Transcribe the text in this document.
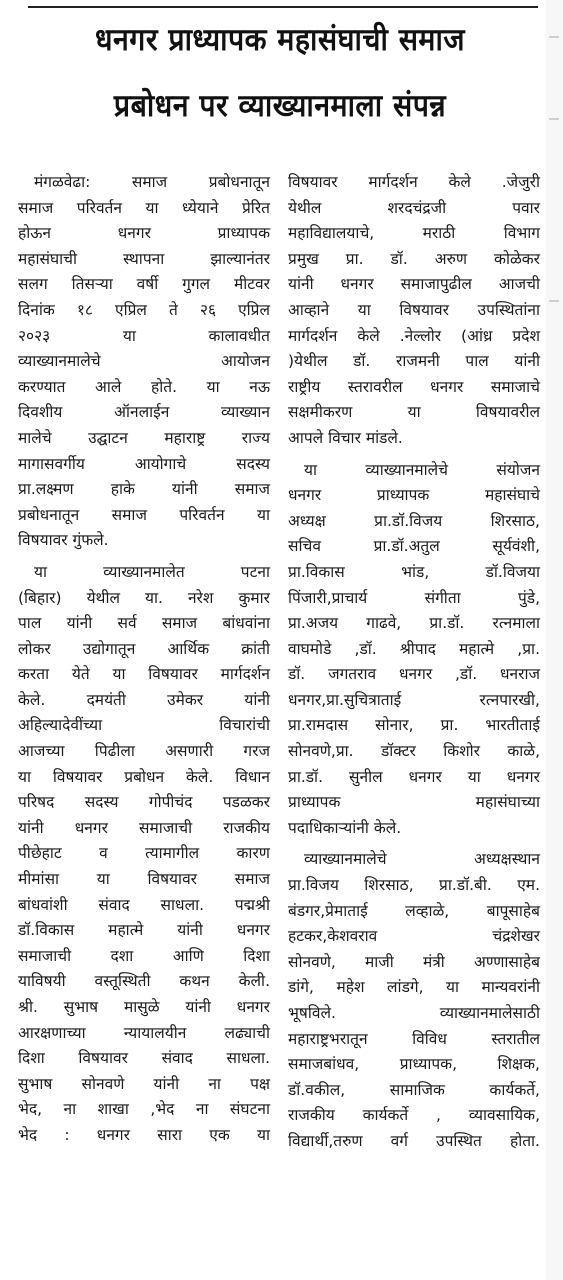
धनगर प्राध्यापक महासंघाची समाज
प्रबोधन पर व्याख्यानमाला संपन्न
मंगळवेढा: समाज प्रबोधनातून
समाज परिवर्तन या ध्येयाने प्रेरित
होऊन धनगर प्राध्यापक
महासंघाची स्थापना झाल्यानंतर
सलग तिसऱ्या वर्षी गुगल मीटवर
दिनांक १८ एप्रिल ते २६ एप्रिल
२०२३ या कालावधीत
व्याख्यानमालेचे आयोजन
करण्यात आले होते. या नऊ
दिवशीय ऑनलाईन व्याख्यान
मालेचे उद्घाटन महाराष्ट्र राज्य
मागासवर्गीय आयोगाचे सदस्य
प्रा.लक्ष्मण हाके यांनी समाज
प्रबोधनातून समाज परिवर्तन या
विषयावर गुंफले.
या व्याख्यानमालेत पटना
(बिहार) येथील या. नरेश कुमार
पाल यांनी सर्व समाज बांधवांना
लोकर उद्योगातून आर्थिक क्रांती
करता येते या विषयावर मार्गदर्शन
केले. दमयंती उमेकर यांनी
अहिल्यादेवींच्या विचारांची
आजच्या पिढीला असणारी गरज
या विषयावर प्रबोधन केले. विधान
परिषद सदस्य गोपीचंद पडळकर
यांनी धनगर समाजाची राजकीय
पीछेहाट व त्यामागील कारण
मीमांसा या विषयावर समाज
बांधवांशी संवाद साधला. पद्मश्री
डॉ.विकास महात्मे यांनी धनगर
समाजाची दशा आणि दिशा
याविषयी वस्तूस्थिती कथन केली.
श्री. सुभाष मासुळे यांनी धनगर
आरक्षणाच्या न्यायालयीन लढ्याची
दिशा विषयावर संवाद साधला.
सुभाष सोनवणे यांनी ना पक्ष
भेद, ना शाखा ,भेद ना संघटना
भेद : धनगर सारा एक या
विषयावर मार्गदर्शन केले .जेजुरी
येथील शरदचंद्रजी पवार
महाविद्यालयाचे, मराठी विभाग
प्रमुख प्रा. डॉ. अरुण कोळेकर
यांनी धनगर समाजापुढील आजची
आव्हाने या विषयावर उपस्थितांना
मार्गदर्शन केले .नेल्लोर (आंध्र प्रदेश
)येथील डॉ. राजमनी पाल यांनी
राष्ट्रीय स्तरावरील धनगर समाजाचे
सक्षमीकरण या विषयावरील
आपले विचार मांडले.
या व्याख्यानमालेचे संयोजन
धनगर प्राध्यापक महासंघाचे
अध्यक्ष प्रा.डॉ.विजय शिरसाठ,
सचिव प्रा.डॉ.अतुल सूर्यवंशी,
प्रा.विकास भांड, डॉ.विजया
पिंजारी,प्राचार्य संगीता पुंडे,
प्रा.अजय गाढवे, प्रा.डॉ. रत्नमाला
वाघमोडे ,डॉ. श्रीपाद महात्मे ,प्रा.
डॉ. जगतराव धनगर ,डॉ. धनराज
धनगर,प्रा.सुचित्राताई रत्नपारखी,
प्रा.रामदास सोनार, प्रा. भारतीताई
सोनवणे,प्रा. डॉक्टर किशोर काळे,
प्रा.डॉ. सुनील धनगर या धनगर
प्राध्यापक महासंघाच्या
पदाधिकाऱ्यांनी केले.
व्याख्यानमालेचे अध्यक्षस्थान
प्रा.विजय शिरसाठ, प्रा.डॉ.बी. एम.
बंडगर,प्रेमाताई लव्हाळे, बापूसाहेब
हटकर,केशवराव चंद्रशेखर
सोनवणे, माजी मंत्री अण्णासाहेब
डांगे, महेश लांडगे, या मान्यवरांनी
भूषविले. व्याख्यानमालेसाठी
महाराष्ट्रभरातून विविध स्तरातील
समाजबांधव, प्राध्यापक, शिक्षक,
डॉ.वकील, सामाजिक कार्यकर्ते,
राजकीय कार्यकर्ते , व्यावसायिक,
विद्यार्थी,तरुण वर्ग उपस्थित होता.
